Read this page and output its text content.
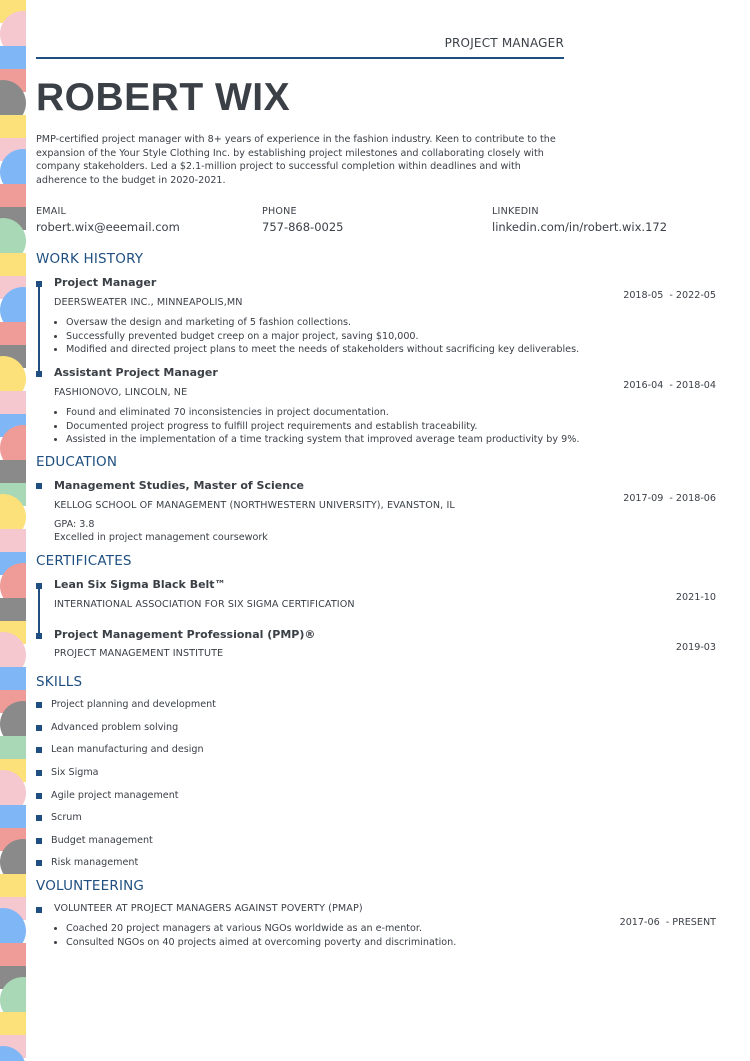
PROJECT MANAGER
ROBERT WIX
PMP-certified project manager with 8+ years of experience in the fashion industry. Keen to contribute to the expansion of the Your Style Clothing Inc. by establishing project milestones and collaborating closely with company stakeholders. Led a $2.1-million project to successful completion within deadlines and with adherence to the budget in 2020-2021.
EMAIL
robert.wix@eeemail.com
PHONE
757-868-0025
LINKEDIN
linkedin.com/in/robert.wix.172
WORK HISTORY
Project Manager
2018-05  - 2022-05
DEERSWEATER INC., MINNEAPOLIS,MN
• Oversaw the design and marketing of 5 fashion collections.
• Successfully prevented budget creep on a major project, saving $10,000.
• Modified and directed project plans to meet the needs of stakeholders without sacrificing key deliverables.
Assistant Project Manager
2016-04  - 2018-04
FASHIONOVO, LINCOLN, NE
• Found and eliminated 70 inconsistencies in project documentation.
• Documented project progress to fulfill project requirements and establish traceability.
• Assisted in the implementation of a time tracking system that improved average team productivity by 9%.
EDUCATION
Management Studies, Master of Science
2017-09  - 2018-06
KELLOG SCHOOL OF MANAGEMENT (NORTHWESTERN UNIVERSITY), EVANSTON, IL
GPA: 3.8
Excelled in project management coursework
CERTIFICATES
Lean Six Sigma Black Belt™
2021-10
INTERNATIONAL ASSOCIATION FOR SIX SIGMA CERTIFICATION
Project Management Professional (PMP)®
2019-03
PROJECT MANAGEMENT INSTITUTE
SKILLS
Project planning and development
Advanced problem solving
Lean manufacturing and design
Six Sigma
Agile project management
Scrum
Budget management
Risk management
VOLUNTEERING
VOLUNTEER AT PROJECT MANAGERS AGAINST POVERTY (PMAP)
2017-06  - PRESENT
• Coached 20 project managers at various NGOs worldwide as an e-mentor.
• Consulted NGOs on 40 projects aimed at overcoming poverty and discrimination.
